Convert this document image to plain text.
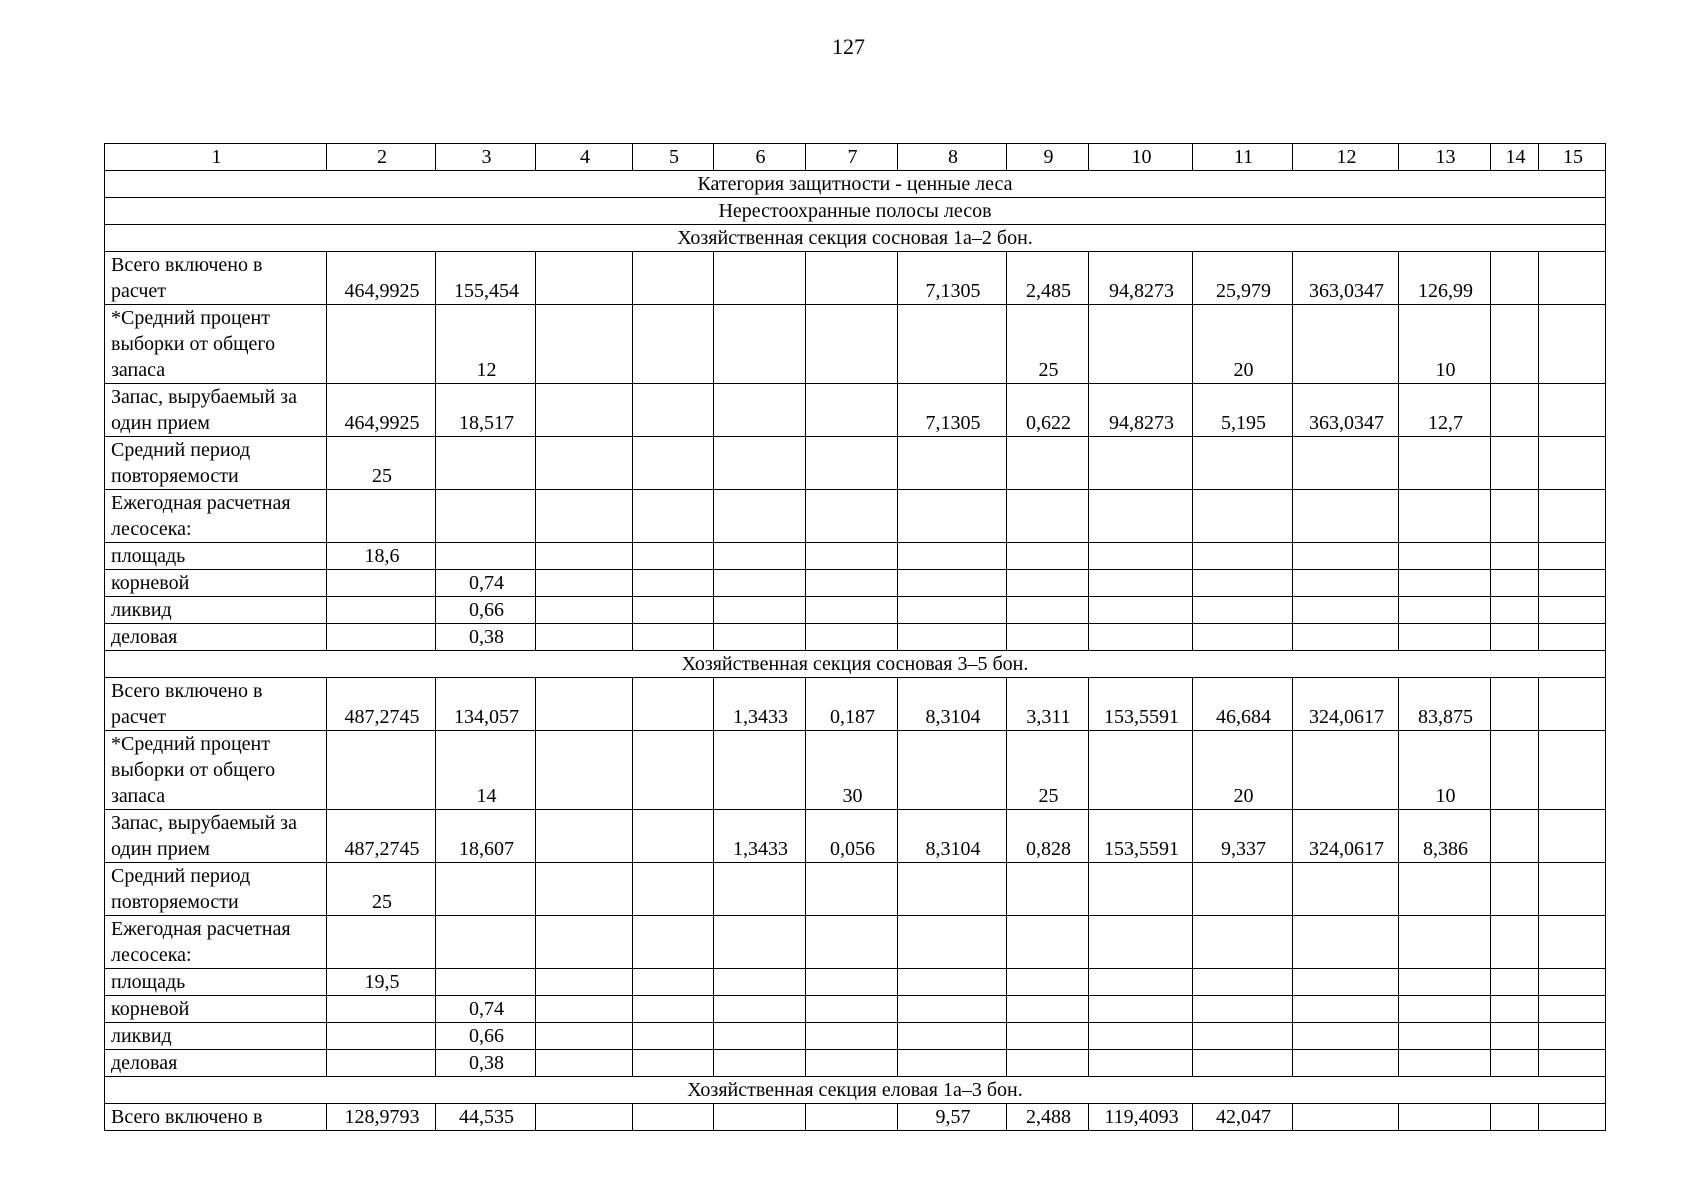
127
1	2	3	4	5	6	7	8	9	10	11	12	13	14	15
Категория защитности - ценные леса														
Нерестоохранные полосы лесов														
Хозяйственная секция сосновая 1а–2 бон.														
Всего включено в расчет	464,9925	155,454					7,1305	2,485	94,8273	25,979	363,0347	126,99		
*Средний процент выборки от общего запаса		12						25		20		10		
Запас, вырубаемый за один прием	464,9925	18,517					7,1305	0,622	94,8273	5,195	363,0347	12,7		
Средний период повторяемости	25													
Ежегодная расчетная лесосека:														
площадь	18,6													
корневой		0,74												
ликвид		0,66												
деловая		0,38												
Хозяйственная секция сосновая 3–5 бон.														
Всего включено в расчет	487,2745	134,057			1,3433	0,187	8,3104	3,311	153,5591	46,684	324,0617	83,875		
*Средний процент выборки от общего запаса		14				30		25		20		10		
Запас, вырубаемый за один прием	487,2745	18,607			1,3433	0,056	8,3104	0,828	153,5591	9,337	324,0617	8,386		
Средний период повторяемости	25													
Ежегодная расчетная лесосека:														
площадь	19,5													
корневой		0,74												
ликвид		0,66												
деловая		0,38												
Хозяйственная секция еловая 1а–3 бон.														
Всего включено в	128,9793	44,535					9,57	2,488	119,4093	42,047				
